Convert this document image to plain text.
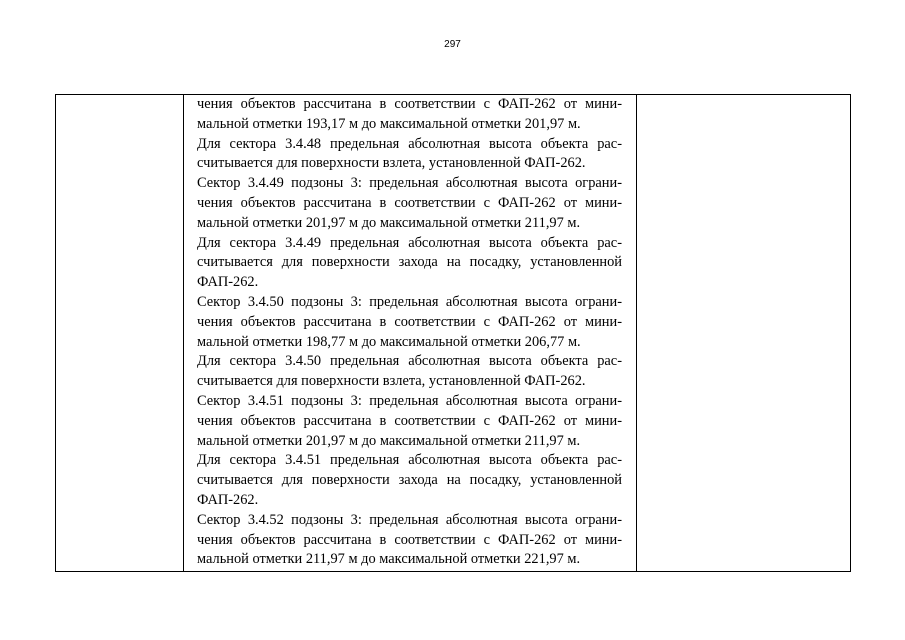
297

чения объектов рассчитана в соответствии с ФАП-262 от мини-
мальной отметки 193,17 м до максимальной отметки 201,97 м.
Для сектора 3.4.48 предельная абсолютная высота объекта рас-
считывается для поверхности взлета, установленной ФАП-262.
Сектор 3.4.49 подзоны 3: предельная абсолютная высота ограни-
чения объектов рассчитана в соответствии с ФАП-262 от мини-
мальной отметки 201,97 м до максимальной отметки 211,97 м.
Для сектора 3.4.49 предельная абсолютная высота объекта рас-
считывается для поверхности захода на посадку, установленной
ФАП-262.
Сектор 3.4.50 подзоны 3: предельная абсолютная высота ограни-
чения объектов рассчитана в соответствии с ФАП-262 от мини-
мальной отметки 198,77 м до максимальной отметки 206,77 м.
Для сектора 3.4.50 предельная абсолютная высота объекта рас-
считывается для поверхности взлета, установленной ФАП-262.
Сектор 3.4.51 подзоны 3: предельная абсолютная высота ограни-
чения объектов рассчитана в соответствии с ФАП-262 от мини-
мальной отметки 201,97 м до максимальной отметки 211,97 м.
Для сектора 3.4.51 предельная абсолютная высота объекта рас-
считывается для поверхности захода на посадку, установленной
ФАП-262.
Сектор 3.4.52 подзоны 3: предельная абсолютная высота ограни-
чения объектов рассчитана в соответствии с ФАП-262 от мини-
мальной отметки 211,97 м до максимальной отметки 221,97 м.
